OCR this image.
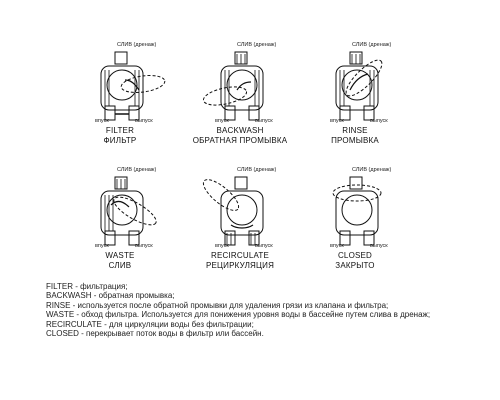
СЛИВ (дренаж)
впуск	выпуск
FILTER
ФИЛЬТР
СЛИВ (дренаж)
впуск	выпуск
BACKWASH
ОБРАТНАЯ ПРОМЫВКА
СЛИВ (дренаж)
впуск	выпуск
RINSE
ПРОМЫВКА
СЛИВ (дренаж)
впуск	выпуск
WASTE
СЛИВ
СЛИВ (дренаж)
впуск	выпуск
RECIRCULATE
РЕЦИРКУЛЯЦИЯ
СЛИВ (дренаж)
впуск	выпуск
CLOSED
ЗАКРЫТО
FILTER - фильтрация;
BACKWASH - обратная промывка;
RINSE - используется после обратной промывки для удаления грязи из клапана и фильтра;
WASTE - обход фильтра. Используется для понижения уровня воды в бассейне путем слива в дренаж;
RECIRCULATE - для циркуляции воды без фильтрации;
CLOSED - перекрывает поток воды в фильтр или бассейн.
